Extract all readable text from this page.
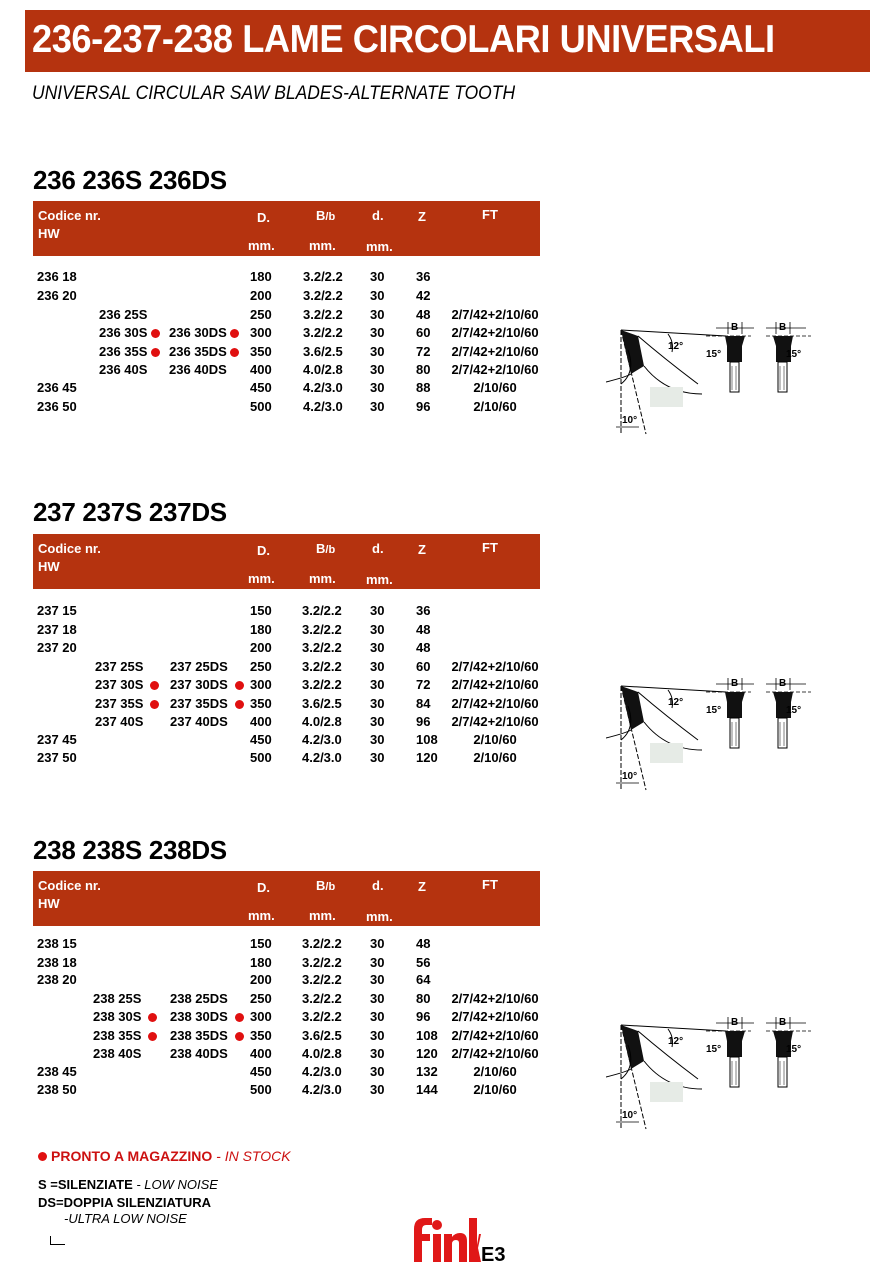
236-237-238 LAME CIRCOLARI UNIVERSALI
UNIVERSAL CIRCULAR SAW BLADES-ALTERNATE TOOTH
236 236S 236DS
Codice nr.
HW
D.	B/b	d.	Z	FT
mm.	mm. mm.
236 18	180 3.2/2.2 30 36
236 20	200 3.2/2.2 30 42
236 25S	250 3.2/2.2 30 48 2/7/42+2/10/60
236 30S 236 30DS 300 3.2/2.2 30 60 2/7/42+2/10/60
236 35S 236 35DS 350 3.6/2.5 30 72 2/7/42+2/10/60
236 40S 236 40DS 400 4.0/2.8 30 80 2/7/42+2/10/60
236 45	450 4.2/3.0 30 88	2/10/60
236 50	500 4.2/3.0 30 96	2/10/60
12°
10°
B
15°
B
15°
237 237S 237DS
Codice nr.
HW
D.	B/b	d.	Z	FT
mm.	mm. mm.
237 15	150 3.2/2.2 30 36
237 18	180 3.2/2.2 30 48
237 20	200 3.2/2.2 30 48
237 25S 237 25DS 250 3.2/2.2 30 60 2/7/42+2/10/60
237 30S 237 30DS 300 3.2/2.2 30 72 2/7/42+2/10/60
237 35S 237 35DS 350 3.6/2.5 30 84 2/7/42+2/10/60
237 40S 237 40DS 400 4.0/2.8 30 96 2/7/42+2/10/60
237 45	450 4.2/3.0 30 108	2/10/60
237 50	500 4.2/3.0 30 120	2/10/60
12°
10°
B
15°
B
15°
238 238S 238DS
Codice nr.
HW
D.	B/b	d.	Z	FT
mm.	mm. mm.
238 15	150 3.2/2.2 30 48
238 18	180 3.2/2.2 30 56
238 20	200 3.2/2.2 30 64
238 25S 238 25DS 250 3.2/2.2 30 80 2/7/42+2/10/60
238 30S 238 30DS 300 3.2/2.2 30 96 2/7/42+2/10/60
238 35S 238 35DS 350 3.6/2.5 30 108 2/7/42+2/10/60
238 40S 238 40DS 400 4.0/2.8 30 120 2/7/42+2/10/60
238 45	450 4.2/3.0 30 132	2/10/60
238 50	500 4.2/3.0 30 144	2/10/60
12°
10°
B
15°
B
15°
PRONTO A MAGAZZINO - IN STOCK
S =SILENZIATE - LOW NOISE
DS=DOPPIA SILENZIATURA
-ULTRA LOW NOISE
E3
